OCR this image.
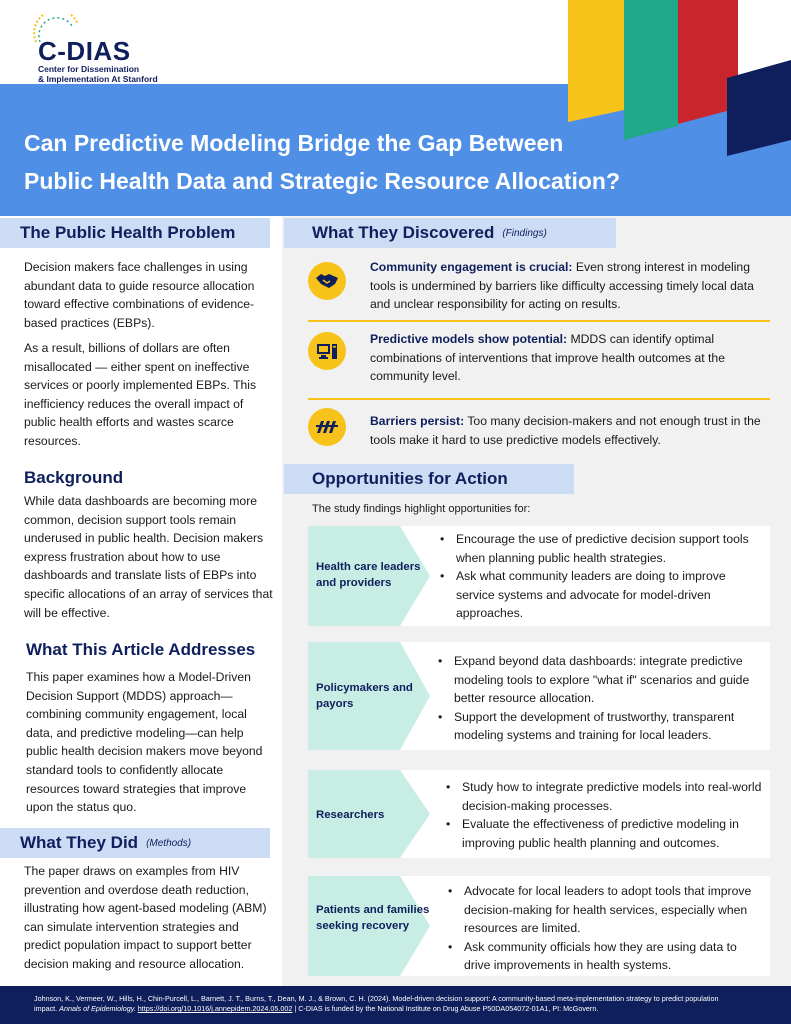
C-DIAS
Center for Dissemination
& Implementation At Stanford
Can Predictive Modeling Bridge the Gap Between
Public Health Data and Strategic Resource Allocation?
The Public Health Problem
Decision makers face challenges in using abundant data to guide resource allocation toward effective combinations of evidence-based practices (EBPs).
As a result, billions of dollars are often misallocated — either spent on ineffective services or poorly implemented EBPs. This inefficiency reduces the overall impact of public health efforts and wastes scarce resources.
Background
While data dashboards are becoming more common, decision support tools remain underused in public health. Decision makers express frustration about how to use dashboards and translate lists of EBPs into specific allocations of an array of services that will be effective.
What This Article Addresses
This paper examines how a Model-Driven Decision Support (MDDS) approach—combining community engagement, local data, and predictive modeling—can help public health decision makers move beyond standard tools to confidently allocate resources toward strategies that improve upon the status quo.
What They Did (Methods)
The paper draws on examples from HIV prevention and overdose death reduction, illustrating how agent-based modeling (ABM) can simulate intervention strategies and predict population impact to support better decision making and resource allocation.
What They Discovered (Findings)
Community engagement is crucial: Even strong interest in modeling tools is undermined by barriers like difficulty accessing timely local data and unclear responsibility for acting on results.
Predictive models show potential: MDDS can identify optimal combinations of interventions that improve health outcomes at the community level.
Barriers persist: Too many decision-makers and not enough trust in the tools make it hard to use predictive models effectively.
Opportunities for Action
The study findings highlight opportunities for:
Health care leaders and providers
• Encourage the use of predictive decision support tools when planning public health strategies.
• Ask what community leaders are doing to improve service systems and advocate for model-driven approaches.
Policymakers and payors
• Expand beyond data dashboards: integrate predictive modeling tools to explore "what if" scenarios and guide better resource allocation.
• Support the development of trustworthy, transparent modeling systems and training for local leaders.
Researchers
• Study how to integrate predictive models into real-world decision-making processes.
• Evaluate the effectiveness of predictive modeling in improving public health planning and outcomes.
Patients and families seeking recovery
• Advocate for local leaders to adopt tools that improve decision-making for health services, especially when resources are limited.
• Ask community officials how they are using data to drive improvements in health systems.
Johnson, K., Vermeer, W., Hills, H., Chin-Purcell, L., Barnett, J. T., Burns, T., Dean, M. J., & Brown, C. H. (2024). Model-driven decision support: A community-based meta-implementation strategy to predict population
impact. Annals of Epidemiology. https://doi.org/10.1016/j.annepidem.2024.05.002 | C-DIAS is funded by the National Institute on Drug Abuse P50DA054072-01A1, PI: McGovern.
